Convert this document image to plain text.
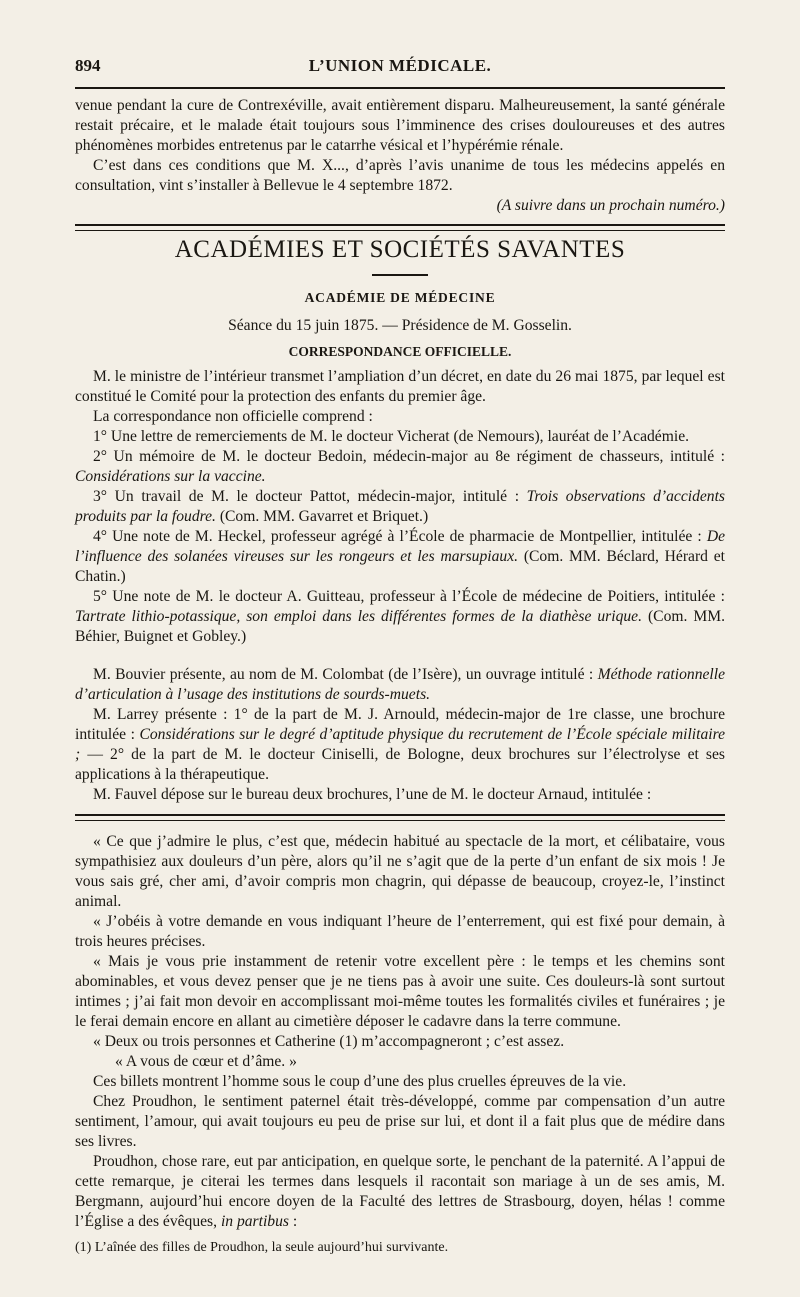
894	L’UNION MÉDICALE.

venue pendant la cure de Contrexéville, avait entièrement disparu. Malheureusement, la santé générale restait précaire, et le malade était toujours sous l’imminence des crises douloureuses et des autres phénomènes morbides entretenus par le catarrhe vésical et l’hypérémie rénale.

C’est dans ces conditions que M. X..., d’après l’avis unanime de tous les médecins appelés en consultation, vint s’installer à Bellevue le 4 septembre 1872.

(A suivre dans un prochain numéro.)

ACADÉMIES ET SOCIÉTÉS SAVANTES
ACADÉMIE DE MÉDECINE
Séance du 15 juin 1875. — Présidence de M. Gosselin.
CORRESPONDANCE OFFICIELLE.

M. le ministre de l’intérieur transmet l’ampliation d’un décret, en date du 26 mai 1875, par lequel est constitué le Comité pour la protection des enfants du premier âge.

La correspondance non officielle comprend :

1° Une lettre de remerciements de M. le docteur Vicherat (de Nemours), lauréat de l’Académie.

2° Un mémoire de M. le docteur Bedoin, médecin-major au 8e régiment de chasseurs, intitulé : Considérations sur la vaccine.

3° Un travail de M. le docteur Pattot, médecin-major, intitulé : Trois observations d’accidents produits par la foudre. (Com. MM. Gavarret et Briquet.)

4° Une note de M. Heckel, professeur agrégé à l’École de pharmacie de Montpellier, intitulée : De l’influence des solanées vireuses sur les rongeurs et les marsupiaux. (Com. MM. Béclard, Hérard et Chatin.)

5° Une note de M. le docteur A. Guitteau, professeur à l’École de médecine de Poitiers, intitulée : Tartrate lithio-potassique, son emploi dans les différentes formes de la diathèse urique. (Com. MM. Béhier, Buignet et Gobley.)

M. Bouvier présente, au nom de M. Colombat (de l’Isère), un ouvrage intitulé : Méthode rationnelle d’articulation à l’usage des institutions de sourds-muets.

M. Larrey présente : 1° de la part de M. J. Arnould, médecin-major de 1re classe, une brochure intitulée : Considérations sur le degré d’aptitude physique du recrutement de l’École spéciale militaire ; — 2° de la part de M. le docteur Ciniselli, de Bologne, deux brochures sur l’électrolyse et ses applications à la thérapeutique.

M. Fauvel dépose sur le bureau deux brochures, l’une de M. le docteur Arnaud, intitulée :

« Ce que j’admire le plus, c’est que, médecin habitué au spectacle de la mort, et célibataire, vous sympathisiez aux douleurs d’un père, alors qu’il ne s’agit que de la perte d’un enfant de six mois ! Je vous sais gré, cher ami, d’avoir compris mon chagrin, qui dépasse de beaucoup, croyez-le, l’instinct animal.

« J’obéis à votre demande en vous indiquant l’heure de l’enterrement, qui est fixé pour demain, à trois heures précises.

« Mais je vous prie instamment de retenir votre excellent père : le temps et les chemins sont abominables, et vous devez penser que je ne tiens pas à avoir une suite. Ces douleurs-là sont surtout intimes ; j’ai fait mon devoir en accomplissant moi-même toutes les formalités civiles et funéraires ; je le ferai demain encore en allant au cimetière déposer le cadavre dans la terre commune.

« Deux ou trois personnes et Catherine (1) m’accompagneront ; c’est assez.

« A vous de cœur et d’âme. »

Ces billets montrent l’homme sous le coup d’une des plus cruelles épreuves de la vie.

Chez Proudhon, le sentiment paternel était très-développé, comme par compensation d’un autre sentiment, l’amour, qui avait toujours eu peu de prise sur lui, et dont il a fait plus que de médire dans ses livres.

Proudhon, chose rare, eut par anticipation, en quelque sorte, le penchant de la paternité. A l’appui de cette remarque, je citerai les termes dans lesquels il racontait son mariage à un de ses amis, M. Bergmann, aujourd’hui encore doyen de la Faculté des lettres de Strasbourg, doyen, hélas ! comme l’Église a des évêques, in partibus :

(1) L’aînée des filles de Proudhon, la seule aujourd’hui survivante.
